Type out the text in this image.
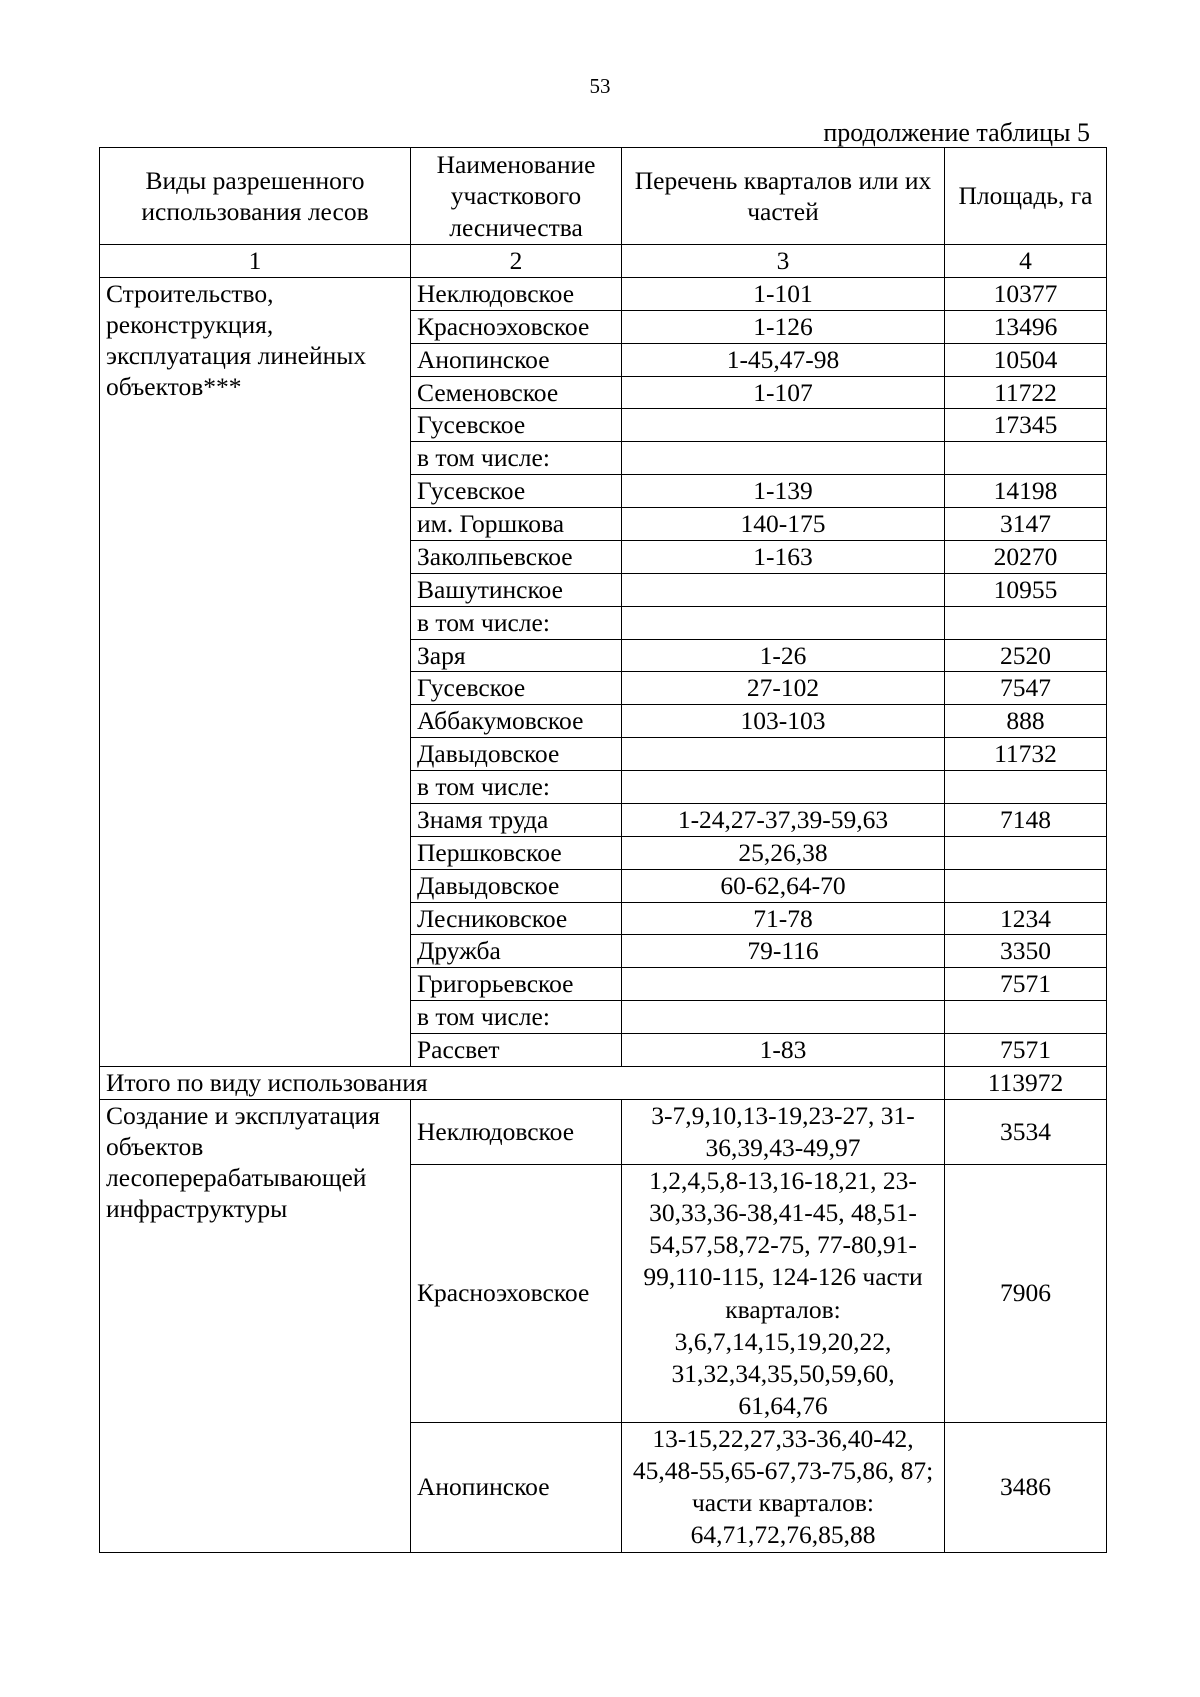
53
продолжение таблицы 5
Виды разрешенного использования лесов	Наименование участкового лесничества	Перечень кварталов или их частей	Площадь, га
1	2	3	4
Строительство, реконструкция, эксплуатация линейных объектов***	Неклюдовское	1-101	10377
	Красноэховское	1-126	13496
	Анопинское	1-45,47-98	10504
	Семеновское	1-107	11722
	Гусевское		17345
	в том числе:		
	Гусевское	1-139	14198
	им. Горшкова	140-175	3147
	Заколпьевское	1-163	20270
	Вашутинское		10955
	в том числе:		
	Заря	1-26	2520
	Гусевское	27-102	7547
	Аббакумовское	103-103	888
	Давыдовское		11732
	в том числе:		
	Знамя труда	1-24,27-37,39-59,63	7148
	Першковское	25,26,38	
	Давыдовское	60-62,64-70	
	Лесниковское	71-78	1234
	Дружба	79-116	3350
	Григорьевское		7571
	в том числе:		
	Рассвет	1-83	7571
Итого по виду использования			113972
Создание и эксплуатация объектов лесоперерабатывающей инфраструктуры	Неклюдовское	3-7,9,10,13-19,23-27, 31-36,39,43-49,97	3534
	Красноэховское	1,2,4,5,8-13,16-18,21, 23-30,33,36-38,41-45, 48,51-54,57,58,72-75, 77-80,91-99,110-115, 124-126 части кварталов: 3,6,7,14,15,19,20,22, 31,32,34,35,50,59,60, 61,64,76	7906
	Анопинское	13-15,22,27,33-36,40-42, 45,48-55,65-67,73-75,86, 87; части кварталов: 64,71,72,76,85,88	3486
